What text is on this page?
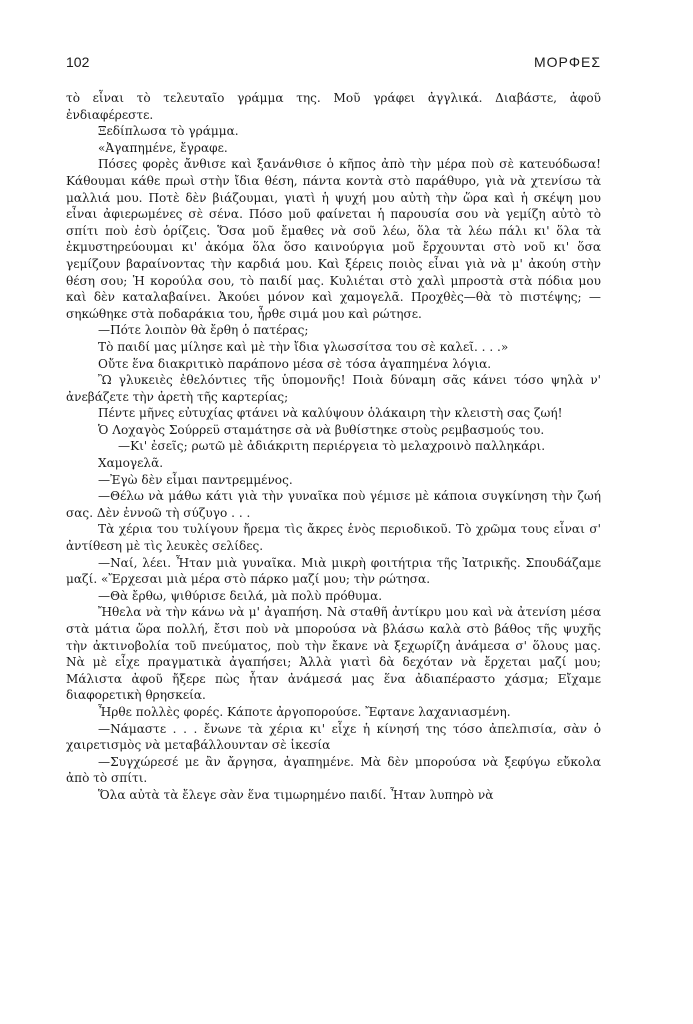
102	ΜΟΡΦΕΣ

τὸ εἶναι τὸ τελευταῖο γράμμα της. Μοῦ γράφει ἀγγλικά. Διαβάστε, ἀφοῦ ἐνδιαφέρεστε.

Ξεδίπλωσα τὸ γράμμα.

«Ἀγαπημένε, ἔγραφε.

Πόσες φορὲς ἄνθισε καὶ ξανάνθισε ὁ κῆπος ἀπὸ τὴν μέρα ποὺ σὲ κατευόδωσα! Κάθουμαι κάθε πρωὶ στὴν ἴδια θέση, πάντα κοντὰ στὸ παράθυρο, γιὰ νὰ χτενίσω τὰ μαλλιά μου. Ποτὲ δὲν βιάζουμαι, γιατὶ ἡ ψυχή μου αὐτὴ τὴν ὥρα καὶ ἡ σκέψη μου εἶναι ἀφιερωμένες σὲ σένα. Πόσο μοῦ φαίνεται ἡ παρουσία σου νὰ γεμίζη αὐτὸ τὸ σπίτι ποὺ ἐσὺ ὁρίζεις. Ὅσα μοῦ ἔμαθες νὰ σοῦ λέω, ὅλα τὰ λέω πάλι κι' ὅλα τὰ ἐκμυστηρεύουμαι κι' ἀκόμα ὅλα ὅσο καινούργια μοῦ ἔρχουνται στὸ νοῦ κι' ὅσα γεμίζουν βαραίνοντας τὴν καρδιά μου. Καὶ ξέρεις ποιὸς εἶναι γιὰ νὰ μ' ἀκούη στὴν θέση σου; Ἡ κορούλα σου, τὸ παιδί μας. Κυλιέται στὸ χαλὶ μπροστὰ στὰ πόδια μου καὶ δὲν καταλαβαίνει. Ἀκούει μόνον καὶ χαμογελᾶ. Προχθὲς—θὰ τὸ πιστέψης; —σηκώθηκε στὰ ποδαράκια του, ἦρθε σιμά μου καὶ ρώτησε.

—Πότε λοιπὸν θὰ ἔρθη ὁ πατέρας;

Τὸ παιδί μας μίλησε καὶ μὲ τὴν ἴδια γλωσσίτσα του σὲ καλεῖ. . . .»

Οὔτε ἕνα διακριτικὸ παράπονο μέσα σὲ τόσα ἀγαπημένα λόγια.

Ὢ γλυκειὲς ἐθελόντιες τῆς ὑπομονῆς! Ποιὰ δύναμη σᾶς κάνει τόσο ψηλὰ ν' ἀνεβάζετε τὴν ἀρετὴ τῆς καρτερίας;

Πέντε μῆνες εὐτυχίας φτάνει νὰ καλύψουν ὁλάκαιρη τὴν κλειστὴ σας ζωή!

Ὁ Λοχαγὸς Σούρρεϋ σταμάτησε σὰ νὰ βυθίστηκε στοὺς ρεμβασμούς του.

—Κι' ἐσεῖς; ρωτῶ μὲ ἀδιάκριτη περιέργεια τὸ μελαχροινὸ παλληκάρι.

Χαμογελᾶ.

—Ἐγὼ δὲν εἶμαι παντρεμμένος.

—Θέλω νὰ μάθω κάτι γιὰ τὴν γυναῖκα ποὺ γέμισε μὲ κάποια συγκίνηση τὴν ζωή σας. Δὲν ἐννοῶ τὴ σύζυγο . . .

Τὰ χέρια του τυλίγουν ἤρεμα τὶς ἄκρες ἑνὸς περιοδικοῦ. Τὸ χρῶμα τους εἶναι σ' ἀντίθεση μὲ τὶς λευκὲς σελίδες.

—Ναί, λέει. Ἦταν μιὰ γυναῖκα. Μιὰ μικρὴ φοιτήτρια τῆς Ἰατρικῆς. Σπουδάζαμε μαζί. «Ἔρχεσαι μιὰ μέρα στὸ πάρκο μαζί μου; τὴν ρώτησα.

—Θὰ ἔρθω, ψιθύρισε δειλά, μὰ πολὺ πρόθυμα.

Ἤθελα νὰ τὴν κάνω νὰ μ' ἀγαπήση. Νὰ σταθῆ ἀντίκρυ μου καὶ νὰ ἀτενίση μέσα στὰ μάτια ὥρα πολλή, ἔτσι ποὺ νὰ μπορούσα νὰ βλάσω καλὰ στὸ βάθος τῆς ψυχῆς τὴν ἀκτινοβολία τοῦ πνεύματος, ποὺ τὴν ἔκανε νὰ ξεχωρίζη ἀνάμεσα σ' ὅλους μας. Νὰ μὲ εἶχε πραγματικὰ ἀγαπήσει; Ἀλλὰ γιατὶ δὰ δεχόταν νὰ ἔρχεται μαζί μου; Μάλιστα ἀφοῦ ἤξερε πὼς ἦταν ἀνάμεσά μας ἕνα ἀδιαπέραστο χάσμα; Εἴχαμε διαφορετικὴ θρησκεία.

Ἦρθε πολλὲς φορές. Κάποτε ἀργοπορούσε. Ἔφτανε λαχανιασμένη.

—Νάμαστε . . . ἔνωνε τὰ χέρια κι' εἶχε ἡ κίνησή της τόσο ἀπελπισία, σὰν ὁ χαιρετισμὸς νὰ μεταβάλλουνταν σὲ ἱκεσία

—Συγχώρεσέ με ἂν ἄργησα, ἀγαπημένε. Μὰ δὲν μπορούσα νὰ ξεφύγω εὔκολα ἀπὸ τὸ σπίτι.

Ὅλα αὐτὰ τὰ ἔλεγε σὰν ἕνα τιμωρημένο παιδί. Ἦταν λυπηρὸ νὰ
